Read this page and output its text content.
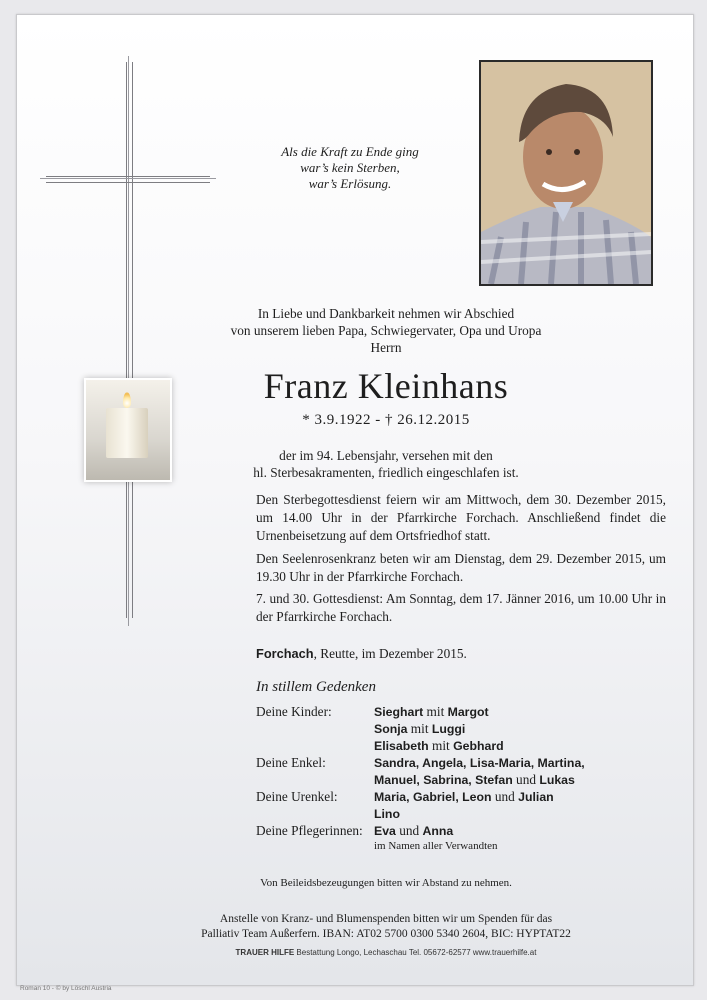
Als die Kraft zu Ende ging
war’s kein Sterben,
war’s Erlösung.
In Liebe und Dankbarkeit nehmen wir Abschied
von unserem lieben Papa, Schwiegervater, Opa und Uropa
Herrn
Franz Kleinhans
* 3.9.1922 - † 26.12.2015
der im 94. Lebensjahr, versehen mit den
hl. Sterbesakramenten, friedlich eingeschlafen ist.
Den Sterbegottesdienst feiern wir am Mittwoch, dem 30. Dezember 2015, um 14.00 Uhr in der Pfarrkirche Forchach. Anschließend findet die Urnenbeisetzung auf dem Ortsfriedhof statt.
Den Seelenrosenkranz beten wir am Dienstag, dem 29. Dezember 2015, um 19.30 Uhr in der Pfarrkirche Forchach.
7. und 30. Gottesdienst: Am Sonntag, dem 17. Jänner 2016, um 10.00 Uhr in der Pfarrkirche Forchach.
Forchach, Reutte, im Dezember 2015.
In stillem Gedenken
Deine Kinder:	Sieghart mit Margot
Sonja mit Luggi
Elisabeth mit Gebhard
Deine Enkel:	Sandra, Angela, Lisa-Maria, Martina,
Manuel, Sabrina, Stefan und Lukas
Deine Urenkel:	Maria, Gabriel, Leon und Julian
Lino
Deine Pflegerinnen: Eva und Anna
im Namen aller Verwandten
Von Beileidsbezeugungen bitten wir Abstand zu nehmen.
Anstelle von Kranz- und Blumenspenden bitten wir um Spenden für das
Palliativ Team Außerfern. IBAN: AT02 5700 0300 5340 2604, BIC: HYPTAT22
TRAUER HILFE Bestattung Longo, Lechaschau Tel. 05672-62577 www.trauerhilfe.at
Roman 10 - © by Löschl Austria
